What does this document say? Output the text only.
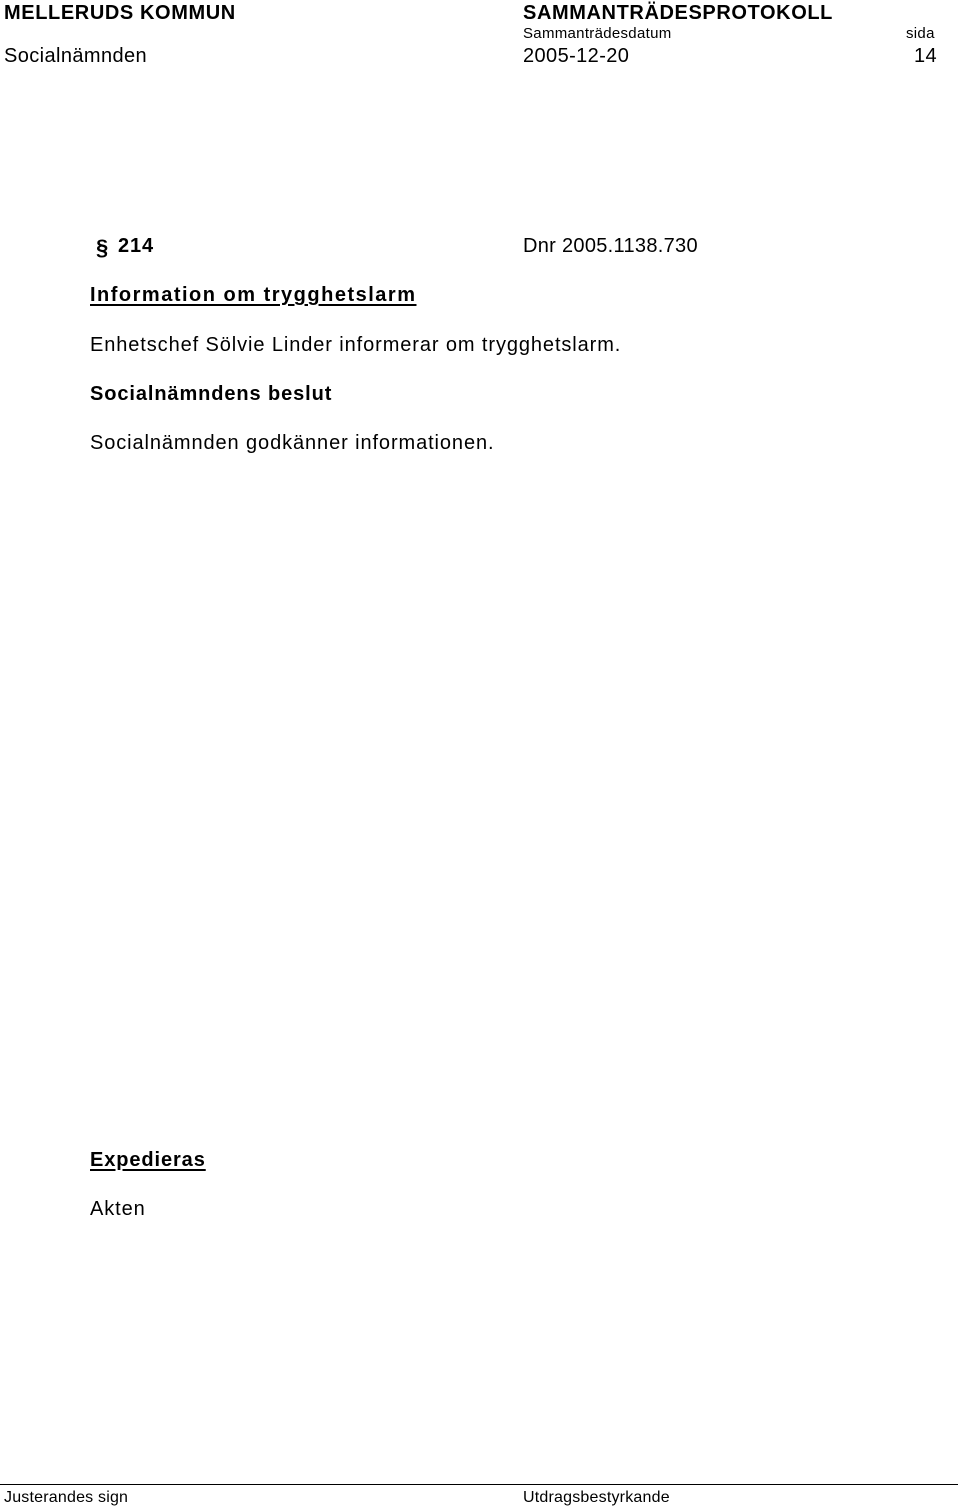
MELLERUDS KOMMUN	SAMMANTRÄDESPROTOKOLL
Sammanträdesdatum	sida
Socialnämnden	2005-12-20	14
§ 214	Dnr 2005.1138.730
Information om trygghetslarm
Enhetschef Sölvie Linder informerar om trygghetslarm.
Socialnämndens beslut
Socialnämnden godkänner informationen.
Expedieras
Akten
Justerandes sign	Utdragsbestyrkande
